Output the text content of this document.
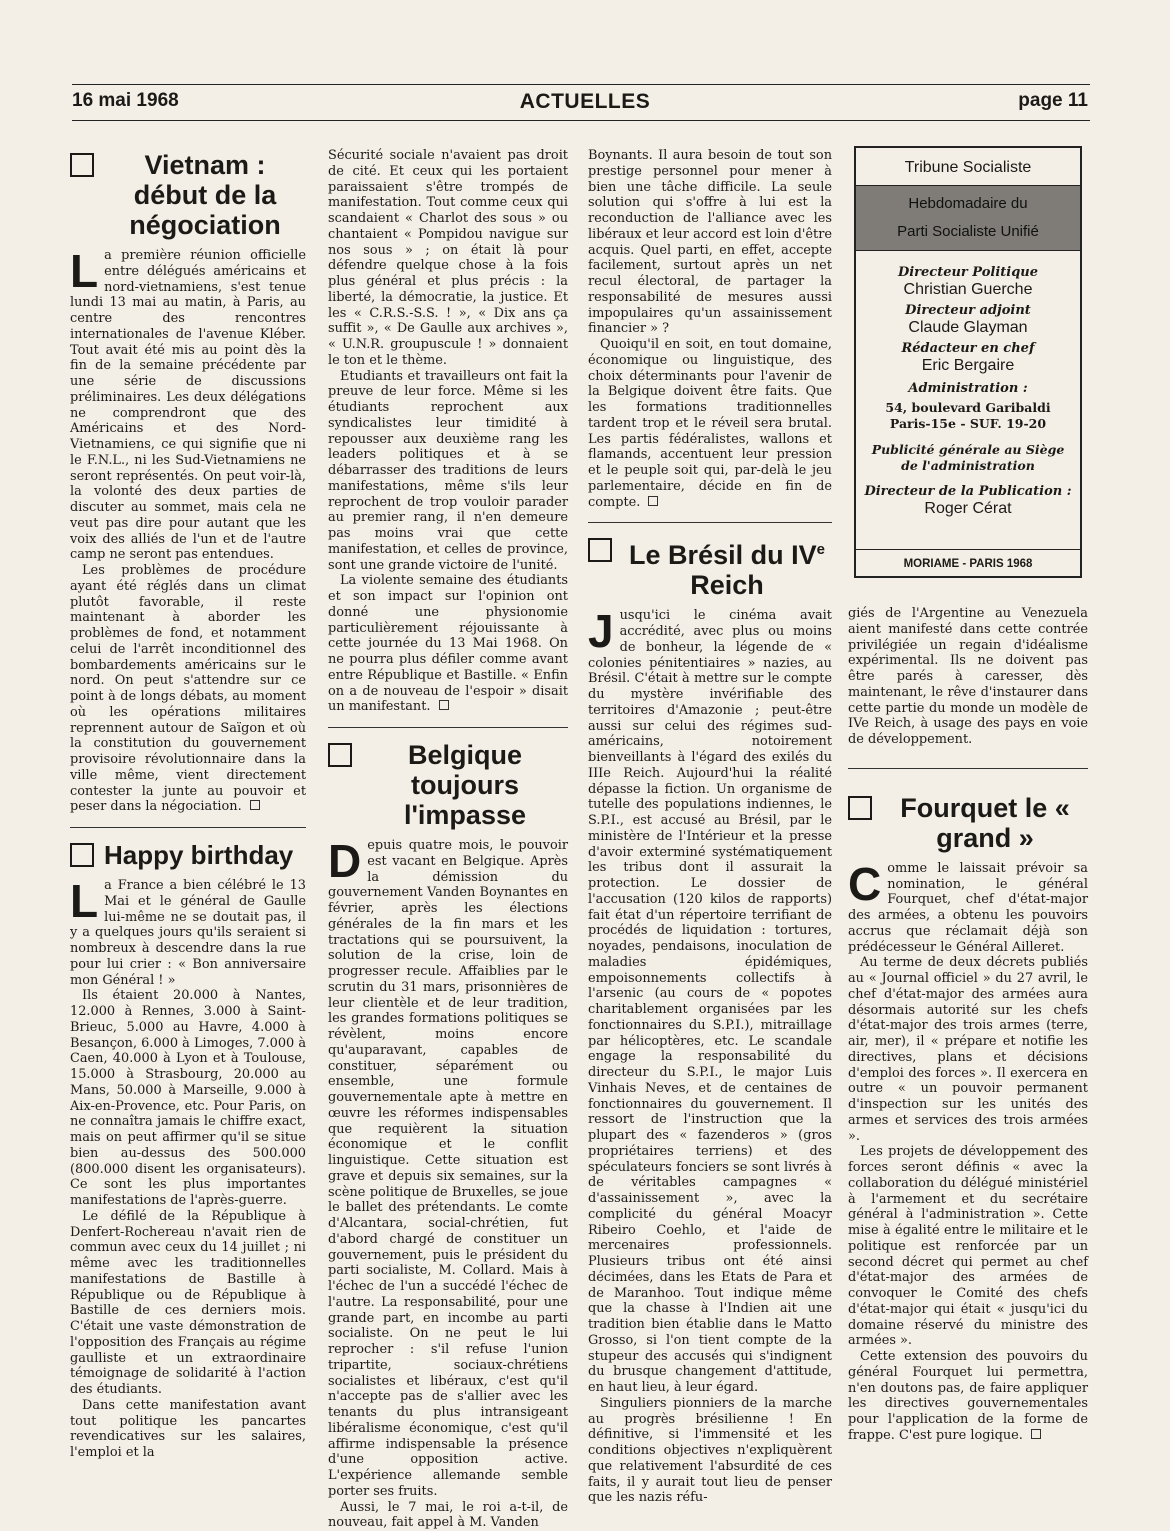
16 mai 1968	ACTUELLES	page 11
Vietnam : début de la négociation

La première réunion officielle entre délégués américains et nord-vietnamiens, s'est tenue lundi 13 mai au matin, à Paris, au centre des rencontres internationales de l'avenue Kléber. Tout avait été mis au point dès la fin de la semaine précédente par une série de discussions préliminaires. Les deux délégations ne comprendront que des Américains et des Nord-Vietnamiens, ce qui signifie que ni le F.N.L., ni les Sud-Vietnamiens ne seront représentés. On peut voir-là, la volonté des deux parties de discuter au sommet, mais cela ne veut pas dire pour autant que les voix des alliés de l'un et de l'autre camp ne seront pas entendues.

Les problèmes de procédure ayant été réglés dans un climat plutôt favorable, il reste maintenant à aborder les problèmes de fond, et notamment celui de l'arrêt inconditionnel des bombardements américains sur le nord. On peut s'attendre sur ce point à de longs débats, au moment où les opérations militaires reprennent autour de Saïgon et où la constitution du gouvernement provisoire révolutionnaire dans la ville même, vient directement contester la junte au pouvoir et peser dans la négociation.

Happy birthday

La France a bien célébré le 13 Mai et le général de Gaulle lui-même ne se doutait pas, il y a quelques jours qu'ils seraient si nombreux à descendre dans la rue pour lui crier : « Bon anniversaire mon Général ! »

Ils étaient 20.000 à Nantes, 12.000 à Rennes, 3.000 à Saint-Brieuc, 5.000 au Havre, 4.000 à Besançon, 6.000 à Limoges, 7.000 à Caen, 40.000 à Lyon et à Toulouse, 15.000 à Strasbourg, 20.000 au Mans, 50.000 à Marseille, 9.000 à Aix-en-Provence, etc. Pour Paris, on ne connaîtra jamais le chiffre exact, mais on peut affirmer qu'il se situe bien au-dessus des 500.000 (800.000 disent les organisateurs). Ce sont les plus importantes manifestations de l'après-guerre.

Le défilé de la République à Denfert-Rochereau n'avait rien de commun avec ceux du 14 juillet ; ni même avec les traditionnelles manifestations de Bastille à République ou de République à Bastille de ces derniers mois. C'était une vaste démonstration de l'opposition des Français au régime gaulliste et un extraordinaire témoignage de solidarité à l'action des étudiants.

Dans cette manifestation avant tout politique les pancartes revendicatives sur les salaires, l'emploi et la

Sécurité sociale n'avaient pas droit de cité. Et ceux qui les portaient paraissaient s'être trompés de manifestation. Tout comme ceux qui scandaient « Charlot des sous » ou chantaient « Pompidou navigue sur nos sous » ; on était là pour défendre quelque chose à la fois plus général et plus précis : la liberté, la démocratie, la justice. Et les « C.R.S.-S.S. ! », « Dix ans ça suffit », « De Gaulle aux archives », « U.N.R. groupuscule ! » donnaient le ton et le thème.

Etudiants et travailleurs ont fait la preuve de leur force. Même si les étudiants reprochent aux syndicalistes leur timidité à repousser aux deuxième rang les leaders politiques et à se débarrasser des traditions de leurs manifestations, même s'ils leur reprochent de trop vouloir parader au premier rang, il n'en demeure pas moins vrai que cette manifestation, et celles de province, sont une grande victoire de l'unité.

La violente semaine des étudiants et son impact sur l'opinion ont donné une physionomie particulièrement réjouissante à cette journée du 13 Mai 1968. On ne pourra plus défiler comme avant entre République et Bastille. « Enfin on a de nouveau de l'espoir » disait un manifestant.

Belgique toujours l'impasse

Depuis quatre mois, le pouvoir est vacant en Belgique. Après la démission du gouvernement Vanden Boynantes en février, après les élections générales de la fin mars et les tractations qui se poursuivent, la solution de la crise, loin de progresser recule. Affaiblies par le scrutin du 31 mars, prisonnières de leur clientèle et de leur tradition, les grandes formations politiques se révèlent, moins encore qu'auparavant, capables de constituer, séparément ou ensemble, une formule gouvernementale apte à mettre en œuvre les réformes indispensables que requièrent la situation économique et le conflit linguistique. Cette situation est grave et depuis six semaines, sur la scène politique de Bruxelles, se joue le ballet des prétendants. Le comte d'Alcantara, social-chrétien, fut d'abord chargé de constituer un gouvernement, puis le président du parti socialiste, M. Collard. Mais à l'échec de l'un a succédé l'échec de l'autre. La responsabilité, pour une grande part, en incombe au parti socialiste. On ne peut le lui reprocher : s'il refuse l'union tripartite, sociaux-chrétiens socialistes et libéraux, c'est qu'il n'accepte pas de s'allier avec les tenants du plus intransigeant libéralisme économique, c'est qu'il affirme indispensable la présence d'une opposition active. L'expérience allemande semble porter ses fruits.

Aussi, le 7 mai, le roi a-t-il, de nouveau, fait appel à M. Vanden

Boynants. Il aura besoin de tout son prestige personnel pour mener à bien une tâche difficile. La seule solution qui s'offre à lui est la reconduction de l'alliance avec les libéraux et leur accord est loin d'être acquis. Quel parti, en effet, accepte facilement, surtout après un net recul électoral, de partager la responsabilité de mesures aussi impopulaires qu'un assainissement financier » ?

Quoiqu'il en soit, en tout domaine, économique ou linguistique, des choix déterminants pour l'avenir de la Belgique doivent être faits. Que les formations traditionnelles tardent trop et le réveil sera brutal. Les partis fédéralistes, wallons et flamands, accentuent leur pression et le peuple soit qui, par-delà le jeu parlementaire, décide en fin de compte.

Le Brésil du IVe Reich

Jusqu'ici le cinéma avait accrédité, avec plus ou moins de bonheur, la légende de « colonies pénitentiaires » nazies, au Brésil. C'était à mettre sur le compte du mystère invérifiable des territoires d'Amazonie ; peut-être aussi sur celui des régimes sud-américains, notoirement bienveillants à l'égard des exilés du IIIe Reich. Aujourd'hui la réalité dépasse la fiction. Un organisme de tutelle des populations indiennes, le S.P.I., est accusé au Brésil, par le ministère de l'Intérieur et la presse d'avoir exterminé systématiquement les tribus dont il assurait la protection. Le dossier de l'accusation (120 kilos de rapports) fait état d'un répertoire terrifiant de procédés de liquidation : tortures, noyades, pendaisons, inoculation de maladies épidémiques, empoisonnements collectifs à l'arsenic (au cours de « popotes charitablement organisées par les fonctionnaires du S.P.I.), mitraillage par hélicoptères, etc. Le scandale engage la responsabilité du directeur du S.P.I., le major Luis Vinhais Neves, et de centaines de fonctionnaires du gouvernement. Il ressort de l'instruction que la plupart des « fazenderos » (gros propriétaires terriens) et des spéculateurs fonciers se sont livrés à de véritables campagnes « d'assainissement », avec la complicité du général Moacyr Ribeiro Coehlo, et l'aide de mercenaires professionnels. Plusieurs tribus ont été ainsi décimées, dans les Etats de Para et de Maranhoo. Tout indique même que la chasse à l'Indien ait une tradition bien établie dans le Matto Grosso, si l'on tient compte de la stupeur des accusés qui s'indignent du brusque changement d'attitude, en haut lieu, à leur égard.

Singuliers pionniers de la marche au progrès brésilienne ! En définitive, si l'immensité et les conditions objectives n'expliquèrent que relativement l'absurdité de ces faits, il y aurait tout lieu de penser que les nazis réfu-

Tribune Socialiste
Hebdomadaire du
Parti Socialiste Unifié
Directeur Politique
Christian Guerche
Directeur adjoint
Claude Glayman
Rédacteur en chef
Eric Bergaire
Administration :
54, boulevard Garibaldi
Paris-15e - SUF. 19-20
Publicité générale au Siège
de l'administration
Directeur de la Publication :
Roger Cérat
MORIAME - PARIS 1968

giés de l'Argentine au Venezuela aient manifesté dans cette contrée privilégiée un regain d'idéalisme expérimental. Ils ne doivent pas être parés à caresser, dès maintenant, le rêve d'instaurer dans cette partie du monde un modèle de IVe Reich, à usage des pays en voie de développement.

Fourquet le « grand »

Comme le laissait prévoir sa nomination, le général Fourquet, chef d'état-major des armées, a obtenu les pouvoirs accrus que réclamait déjà son prédécesseur le Général Ailleret.

Au terme de deux décrets publiés au « Journal officiel » du 27 avril, le chef d'état-major des armées aura désormais autorité sur les chefs d'état-major des trois armes (terre, air, mer), il « prépare et notifie les directives, plans et décisions d'emploi des forces ». Il exercera en outre « un pouvoir permanent d'inspection sur les unités des armes et services des trois armées ».

Les projets de développement des forces seront définis « avec la collaboration du délégué ministériel à l'armement et du secrétaire général à l'administration ». Cette mise à égalité entre le militaire et le politique est renforcée par un second décret qui permet au chef d'état-major des armées de convoquer le Comité des chefs d'état-major qui était « jusqu'ici du domaine réservé du ministre des armées ».

Cette extension des pouvoirs du général Fourquet lui permettra, n'en doutons pas, de faire appliquer les directives gouvernementales pour l'application de la forme de frappe. C'est pure logique.
